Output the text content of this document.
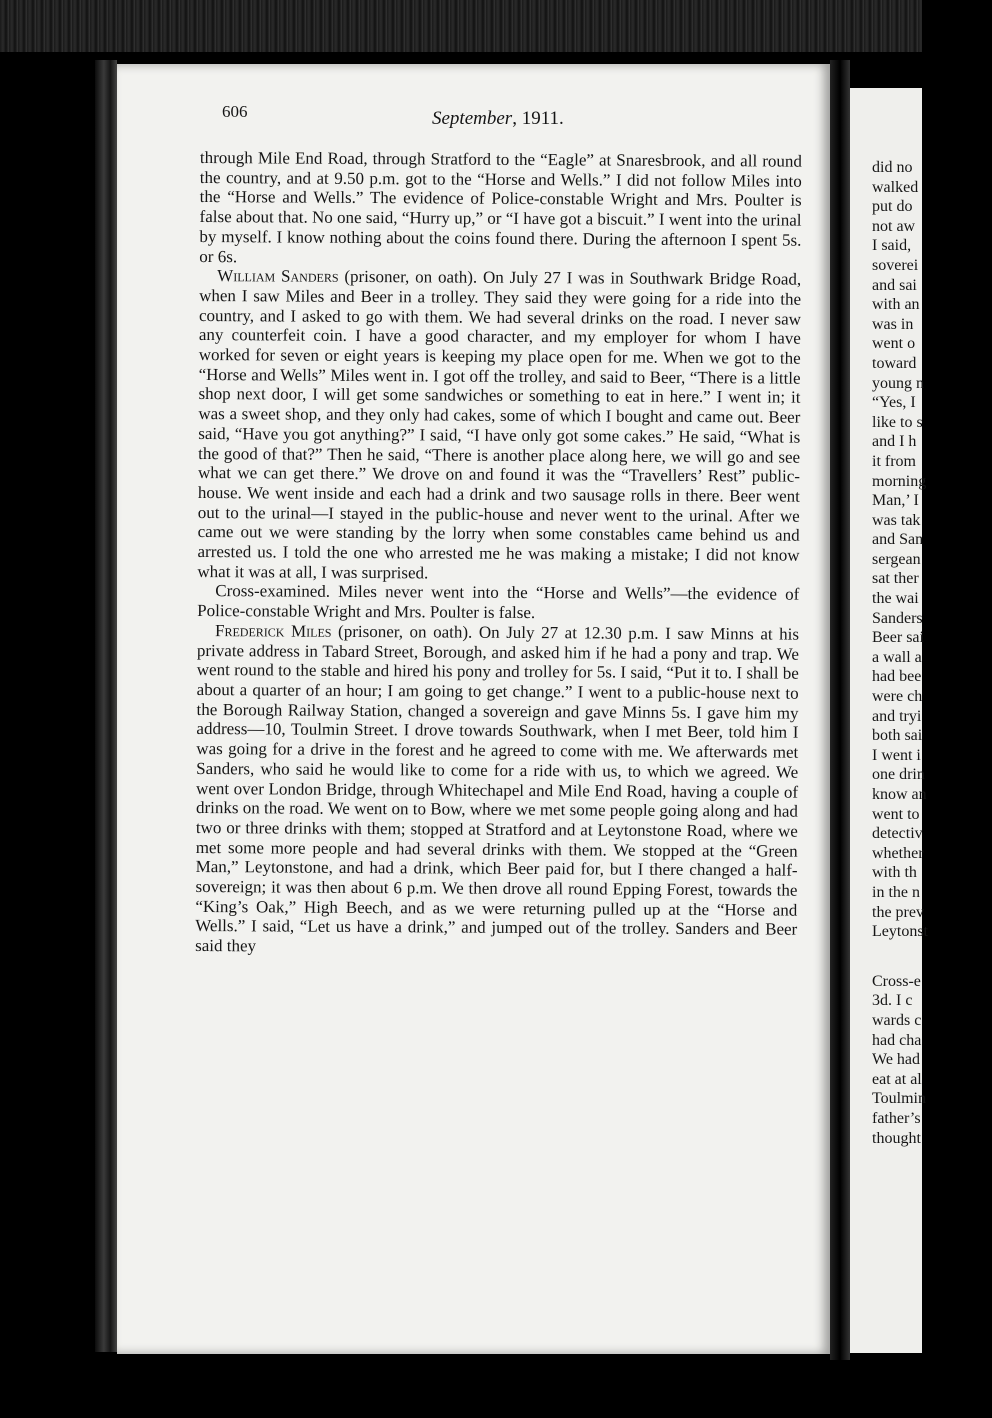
606	September, 1911.

through Mile End Road, through Stratford to the “Eagle” at Snaresbrook, and all round the country, and at 9.50 p.m. got to the “Horse and Wells.” I did not follow Miles into the “Horse and Wells.” The evidence of Police-constable Wright and Mrs. Poulter is false about that. No one said, “Hurry up,” or “I have got a biscuit.” I went into the urinal by myself. I know nothing about the coins found there. During the afternoon I spent 5s. or 6s.

William Sanders (prisoner, on oath). On July 27 I was in Southwark Bridge Road, when I saw Miles and Beer in a trolley. They said they were going for a ride into the country, and I asked to go with them. We had several drinks on the road. I never saw any counterfeit coin. I have a good character, and my employer for whom I have worked for seven or eight years is keeping my place open for me. When we got to the “Horse and Wells” Miles went in. I got off the trolley, and said to Beer, “There is a little shop next door, I will get some sandwiches or something to eat in here.” I went in; it was a sweet shop, and they only had cakes, some of which I bought and came out. Beer said, “Have you got anything?” I said, “I have only got some cakes.” He said, “What is the good of that?” Then he said, “There is another place along here, we will go and see what we can get there.” We drove on and found it was the “Travellers’ Rest” public-house. We went inside and each had a drink and two sausage rolls in there. Beer went out to the urinal—I stayed in the public-house and never went to the urinal. After we came out we were standing by the lorry when some constables came behind us and arrested us. I told the one who arrested me he was making a mistake; I did not know what it was at all, I was surprised.

Cross-examined. Miles never went into the “Horse and Wells”—the evidence of Police-constable Wright and Mrs. Poulter is false.

Frederick Miles (prisoner, on oath). On July 27 at 12.30 p.m. I saw Minns at his private address in Tabard Street, Borough, and asked him if he had a pony and trap. We went round to the stable and hired his pony and trolley for 5s. I said, “Put it to. I shall be about a quarter of an hour; I am going to get change.” I went to a public-house next to the Borough Railway Station, changed a sovereign and gave Minns 5s. I gave him my address—10, Toulmin Street. I drove towards Southwark, when I met Beer, told him I was going for a drive in the forest and he agreed to come with me. We afterwards met Sanders, who said he would like to come for a ride with us, to which we agreed. We went over London Bridge, through Whitechapel and Mile End Road, having a couple of drinks on the road. We went on to Bow, where we met some people going along and had two or three drinks with them; stopped at Stratford and at Leytonstone Road, where we met some more people and had several drinks with them. We stopped at the “Green Man,” Leytonstone, and had a drink, which Beer paid for, but I there changed a half-sovereign; it was then about 6 p.m. We then drove all round Epping Forest, towards the “King’s Oak,” High Beech, and as we were returning pulled up at the “Horse and Wells.” I said, “Let us have a drink,” and jumped out of the trolley. Sanders and Beer said they

did no
walked
put do
not aw
I said,
soverei
and sai
with an
was in
went o
toward
young n
“Yes, I
like to s
and I h
it from
morning
Man,’ I
was tak
and San
sergean
sat ther
the wai
Sanders
Beer sai
a wall a
had bee
were ch
and tryi
both sai
I went i
one drin
know an
went to
detectiv
whether
with th
in the n
the prev
Leytonst
Cross-e
3d. I c
wards c
had cha
We had
eat at al
Toulmin
father’s
thought
